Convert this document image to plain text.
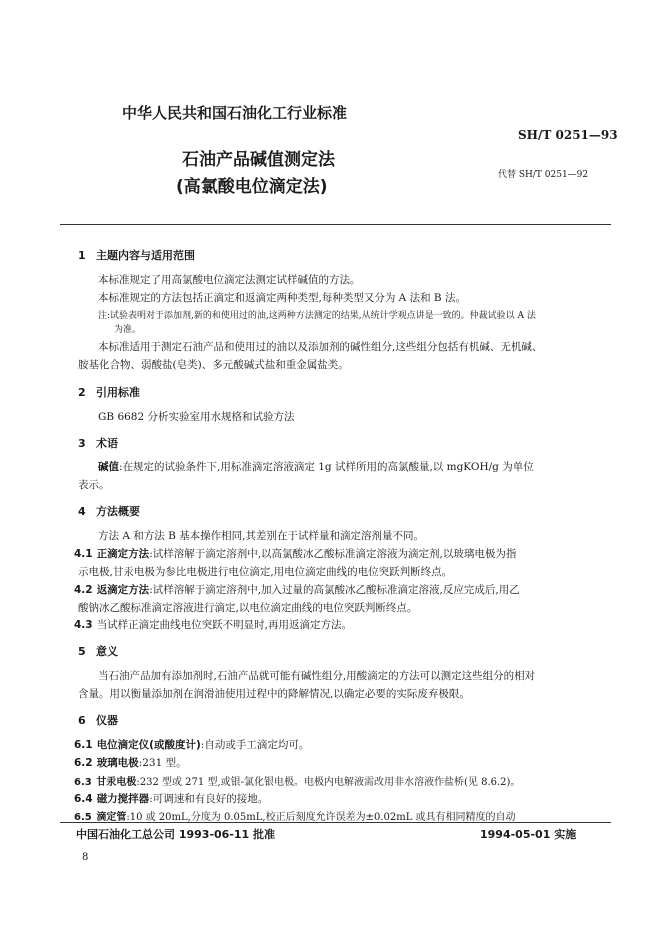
中华人民共和国石油化工行业标准
SH/T 0251—93
石油产品碱值测定法
(高氯酸电位滴定法)
代替 SH/T 0251—92
1 主题内容与适用范围
本标准规定了用高氯酸电位滴定法测定试样碱值的方法。
本标准规定的方法包括正滴定和返滴定两种类型,每种类型又分为 A 法和 B 法。
注:试验表明对于添加剂,新的和使用过的油,这两种方法测定的结果,从统计学观点讲是一致的。仲裁试验以 A 法
为准。
本标准适用于测定石油产品和使用过的油以及添加剂的碱性组分,这些组分包括有机碱、无机碱、
胺基化合物、弱酸盐(皂类)、多元酸碱式盐和重金属盐类。
2 引用标准
GB 6682 分析实验室用水规格和试验方法
3 术语
碱值:在规定的试验条件下,用标准滴定溶液滴定 1g 试样所用的高氯酸量,以 mgKOH/g 为单位
表示。
4 方法概要
方法 A 和方法 B 基本操作相同,其差别在于试样量和滴定溶剂量不同。
4.1 正滴定方法:试样溶解于滴定溶剂中,以高氯酸冰乙酸标准滴定溶液为滴定剂,以玻璃电极为指
示电极,甘汞电极为参比电极进行电位滴定,用电位滴定曲线的电位突跃判断终点。
4.2 返滴定方法:试样溶解于滴定溶剂中,加入过量的高氯酸冰乙酸标准滴定溶液,反应完成后,用乙
酸钠冰乙酸标准滴定溶液进行滴定,以电位滴定曲线的电位突跃判断终点。
4.3 当试样正滴定曲线电位突跃不明显时,再用返滴定方法。
5 意义
当石油产品加有添加剂时,石油产品就可能有碱性组分,用酸滴定的方法可以测定这些组分的相对
含量。用以衡量添加剂在润滑油使用过程中的降解情况,以确定必要的实际废弃极限。
6 仪器
6.1 电位滴定仪(或酸度计):自动或手工滴定均可。
6.2 玻璃电极:231 型。
6.3 甘汞电极:232 型或 271 型,或银-氯化银电极。电极内电解液需改用非水溶液作盐桥(见 8.6.2)。
6.4 磁力搅拌器:可调速和有良好的接地。
6.5 滴定管:10 或 20mL,分度为 0.05mL,校正后刻度允许误差为±0.02mL 或具有相同精度的自动
中国石油化工总公司 1993-06-11 批准	1994-05-01 实施
8
